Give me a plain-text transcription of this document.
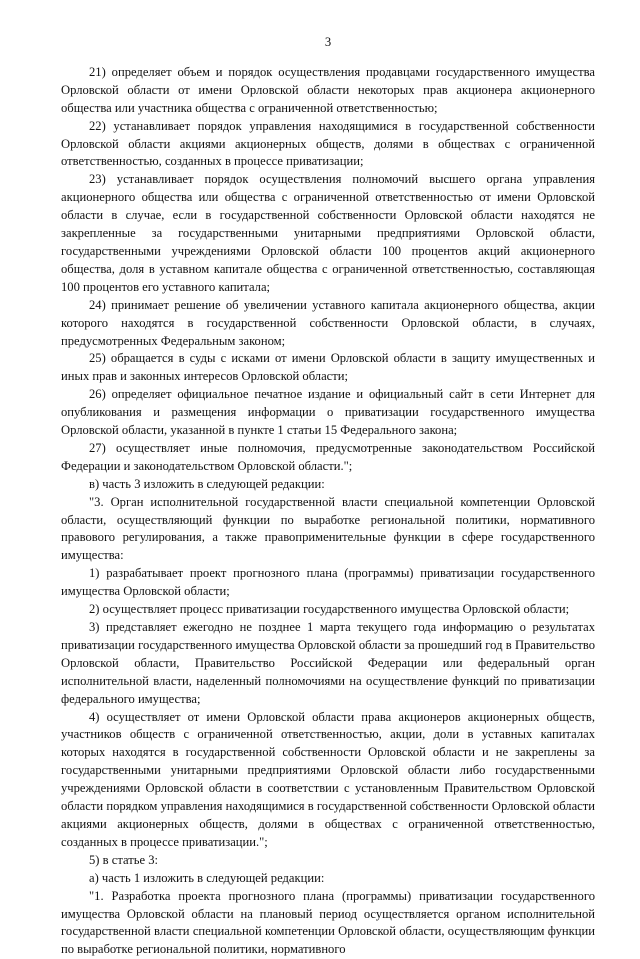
3

21) определяет объем и порядок осуществления продавцами государственного имущества Орловской области от имени Орловской области некоторых прав акционера акционерного общества или участника общества с ограниченной ответственностью;

22) устанавливает порядок управления находящимися в государственной собственности Орловской области акциями акционерных обществ, долями в обществах с ограниченной ответственностью, созданных в процессе приватизации;

23) устанавливает порядок осуществления полномочий высшего органа управления акционерного общества или общества с ограниченной ответственностью от имени Орловской области в случае, если в государственной собственности Орловской области находятся не закрепленные за государственными унитарными предприятиями Орловской области, государственными учреждениями Орловской области 100 процентов акций акционерного общества, доля в уставном капитале общества с ограниченной ответственностью, составляющая 100 процентов его уставного капитала;

24) принимает решение об увеличении уставного капитала акционерного общества, акции которого находятся в государственной собственности Орловской области, в случаях, предусмотренных Федеральным законом;

25) обращается в суды с исками от имени Орловской области в защиту имущественных и иных прав и законных интересов Орловской области;

26) определяет официальное печатное издание и официальный сайт в сети Интернет для опубликования и размещения информации о приватизации государственного имущества Орловской области, указанной в пункте 1 статьи 15 Федерального закона;

27) осуществляет иные полномочия, предусмотренные законодательством Российской Федерации и законодательством Орловской области.";

в) часть 3 изложить в следующей редакции:

"3. Орган исполнительной государственной власти специальной компетенции Орловской области, осуществляющий функции по выработке региональной политики, нормативного правового регулирования, а также правоприменительные функции в сфере государственного имущества:

1) разрабатывает проект прогнозного плана (программы) приватизации государственного имущества Орловской области;

2) осуществляет процесс приватизации государственного имущества Орловской области;

3) представляет ежегодно не позднее 1 марта текущего года информацию о результатах приватизации государственного имущества Орловской области за прошедший год в Правительство Орловской области, Правительство Российской Федерации или федеральный орган исполнительной власти, наделенный полномочиями на осуществление функций по приватизации федерального имущества;

4) осуществляет от имени Орловской области права акционеров акционерных обществ, участников обществ с ограниченной ответственностью, акции, доли в уставных капиталах которых находятся в государственной собственности Орловской области и не закреплены за государственными унитарными предприятиями Орловской области либо государственными учреждениями Орловской области в соответствии с установленным Правительством Орловской области порядком управления находящимися в государственной собственности Орловской области акциями акционерных обществ, долями в обществах с ограниченной ответственностью, созданных в процессе приватизации.";

5) в статье 3:

а) часть 1 изложить в следующей редакции:

"1. Разработка проекта прогнозного плана (программы) приватизации государственного имущества Орловской области на плановый период осуществляется органом исполнительной государственной власти специальной компетенции Орловской области, осуществляющим функции по выработке региональной политики, нормативного
